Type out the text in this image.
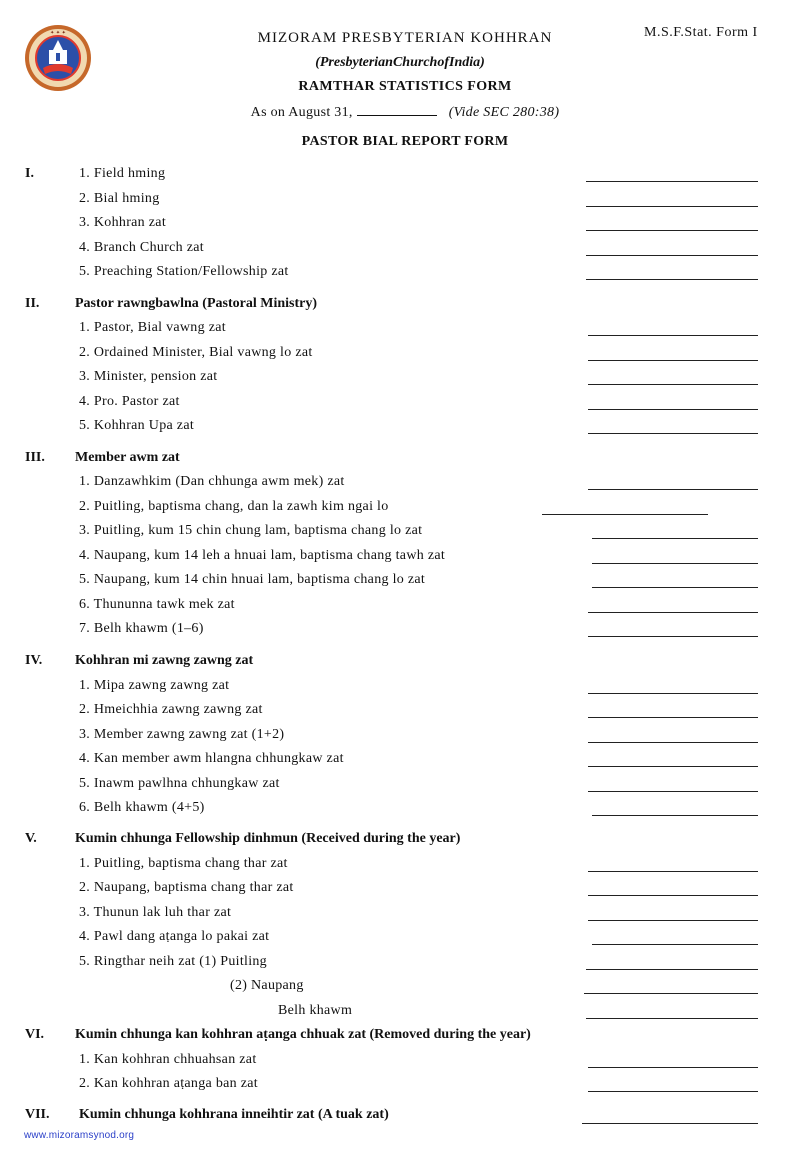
✦ ✦ ✦	M.S.F.Stat. Form I
MIZORAM PRESBYTERIAN KOHHRAN
(PresbyterianChurchofIndia)
RAMTHAR STATISTICS FORM
As on August 31,	(Vide SEC 280:38)
PASTOR BIAL REPORT FORM
I.	1. Field hming
2. Bial hming
3. Kohhran zat
4. Branch Church zat
5. Preaching Station/Fellowship zat
II.	Pastor rawngbawlna (Pastoral Ministry)
1. Pastor, Bial vawng zat
2. Ordained Minister, Bial vawng lo zat
3. Minister, pension zat
4. Pro. Pastor zat
5. Kohhran Upa zat
III. Member awm zat
1. Danzawhkim (Dan chhunga awm mek) zat
2. Puitling, baptisma chang, dan la zawh kim ngai lo
3. Puitling, kum 15 chin chung lam, baptisma chang lo zat
4. Naupang, kum 14 leh a hnuai lam, baptisma chang tawh zat
5. Naupang, kum 14 chin hnuai lam, baptisma chang lo zat
6. Thununna tawk mek zat
7. Belh khawm (1–6)
IV. Kohhran mi zawng zawng zat
1. Mipa zawng zawng zat
2. Hmeichhia zawng zawng zat
3. Member zawng zawng zat (1+2)
4. Kan member awm hlangna chhungkaw zat
5. Inawm pawlhna chhungkaw zat
6. Belh khawm (4+5)
V.	Kumin chhunga Fellowship dinhmun (Received during the year)
1. Puitling, baptisma chang thar zat
2. Naupang, baptisma chang thar zat
3. Thunun lak luh thar zat
4. Pawl dang aṭanga lo pakai zat
5. Ringthar neih zat (1) Puitling
(2) Naupang
Belh khawm
VI. Kumin chhunga kan kohhran aṭanga chhuak zat (Removed during the year)
1. Kan kohhran chhuahsan zat
2. Kan kohhran aṭanga ban zat
VII. Kumin chhunga kohhrana inneihtir zat (A tuak zat)
www.mizoramsynod.org
